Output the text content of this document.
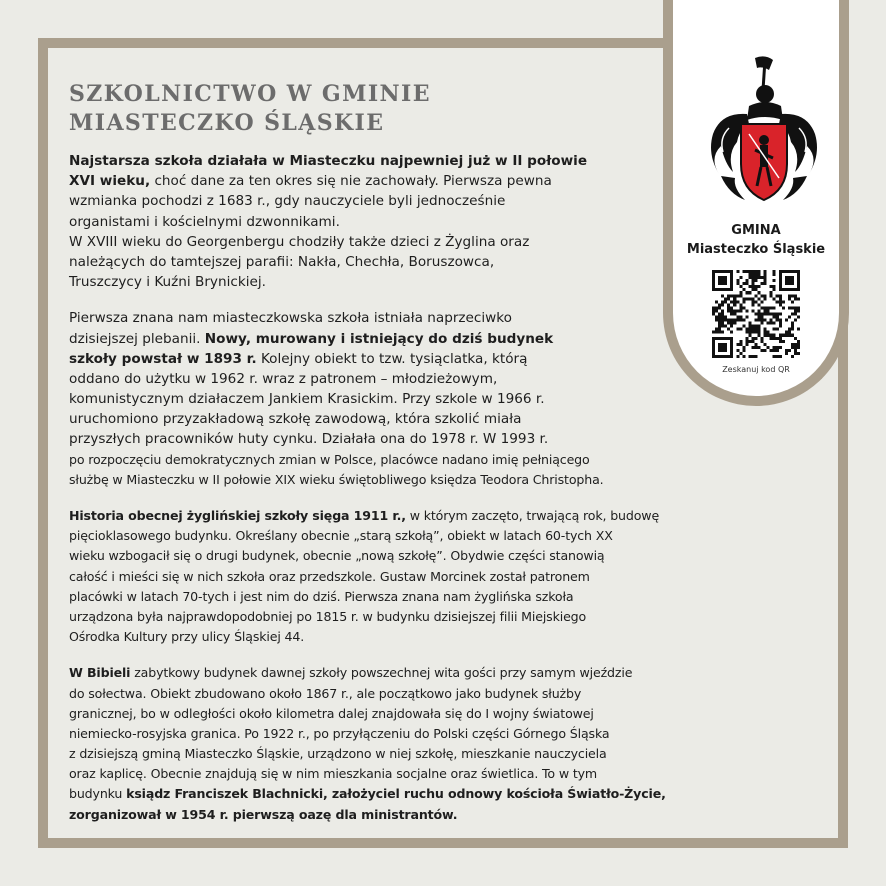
GMINA
Miasteczko Śląskie
Zeskanuj kod QR
SZKOLNICTWO W GMINIE
MIASTECZKO ŚLĄSKIE
Najstarsza szkoła działała w Miasteczku najpewniej już w II połowie
XVI wieku, choć dane za ten okres się nie zachowały. Pierwsza pewna
wzmianka pochodzi z 1683 r., gdy nauczyciele byli jednocześnie
organistami i kościelnymi dzwonnikami.
W XVIII wieku do Georgenbergu chodziły także dzieci z Żyglina oraz
należących do tamtejszej parafii: Nakła, Chechła, Boruszowca,
Truszczycy i Kuźni Brynickiej.
Pierwsza znana nam miasteczkowska szkoła istniała naprzeciwko
dzisiejszej plebanii. Nowy, murowany i istniejący do dziś budynek
szkoły powstał w 1893 r. Kolejny obiekt to tzw. tysiąclatka, którą
oddano do użytku w 1962 r. wraz z patronem – młodzieżowym,
komunistycznym działaczem Jankiem Krasickim. Przy szkole w 1966 r.
uruchomiono przyzakładową szkołę zawodową, która szkolić miała
przyszłych pracowników huty cynku. Działała ona do 1978 r. W 1993 r.
po rozpoczęciu demokratycznych zmian w Polsce, placówce nadano imię pełniącego
służbę w Miasteczku w II połowie XIX wieku świętobliwego księdza Teodora Christopha.
Historia obecnej żyglińskiej szkoły sięga 1911 r., w którym zaczęto, trwającą rok, budowę
pięcioklasowego budynku. Określany obecnie „starą szkołą”, obiekt w latach 60-tych XX
wieku wzbogacił się o drugi budynek, obecnie „nową szkołę”. Obydwie części stanowią
całość i mieści się w nich szkoła oraz przedszkole. Gustaw Morcinek został patronem
placówki w latach 70-tych i jest nim do dziś. Pierwsza znana nam żyglińska szkoła
urządzona była najprawdopodobniej po 1815 r. w budynku dzisiejszej filii Miejskiego
Ośrodka Kultury przy ulicy Śląskiej 44.
W Bibieli zabytkowy budynek dawnej szkoły powszechnej wita gości przy samym wjeździe
do sołectwa. Obiekt zbudowano około 1867 r., ale początkowo jako budynek służby
granicznej, bo w odległości około kilometra dalej znajdowała się do I wojny światowej
niemiecko-rosyjska granica. Po 1922 r., po przyłączeniu do Polski części Górnego Śląska
z dzisiejszą gminą Miasteczko Śląskie, urządzono w niej szkołę, mieszkanie nauczyciela
oraz kaplicę. Obecnie znajdują się w nim mieszkania socjalne oraz świetlica. To w tym
budynku ksiądz Franciszek Blachnicki, założyciel ruchu odnowy kościoła Światło-Życie,
zorganizował w 1954 r. pierwszą oazę dla ministrantów.
